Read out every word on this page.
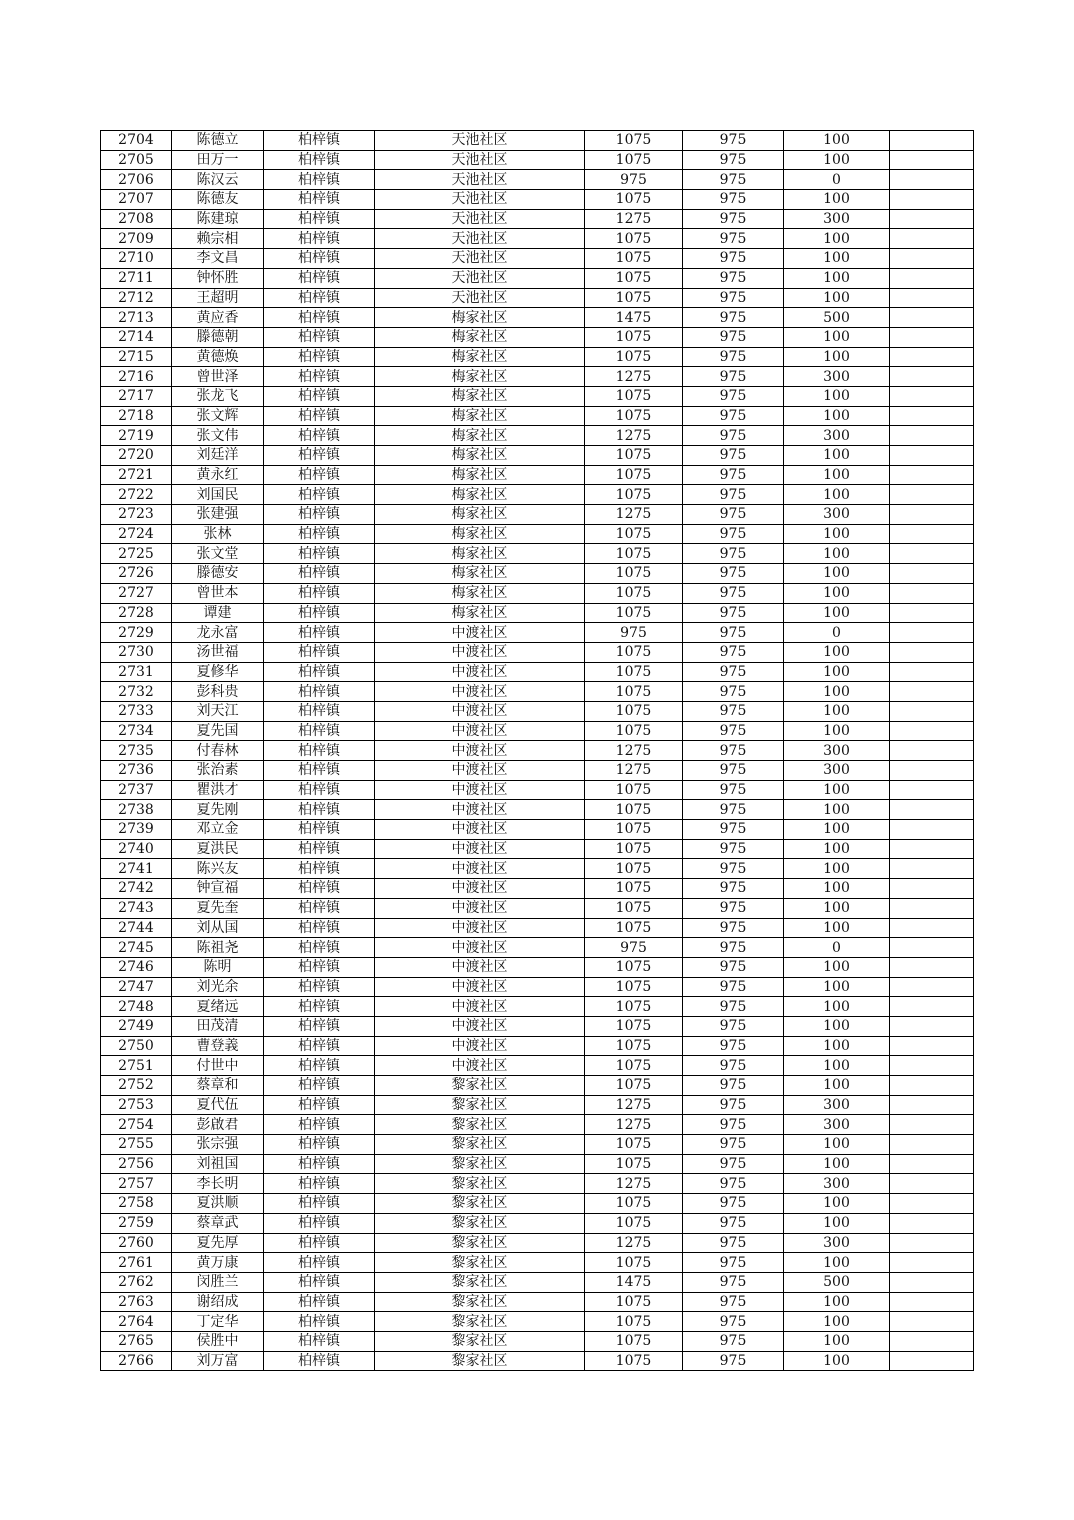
2704	陈德立	柏梓镇	天池社区	1075	975	100	
2705	田万一	柏梓镇	天池社区	1075	975	100	
2706	陈汉云	柏梓镇	天池社区	975	975	0	
2707	陈德友	柏梓镇	天池社区	1075	975	100	
2708	陈建琼	柏梓镇	天池社区	1275	975	300	
2709	赖宗相	柏梓镇	天池社区	1075	975	100	
2710	李文昌	柏梓镇	天池社区	1075	975	100	
2711	钟怀胜	柏梓镇	天池社区	1075	975	100	
2712	王超明	柏梓镇	天池社区	1075	975	100	
2713	黄应香	柏梓镇	梅家社区	1475	975	500	
2714	滕德朝	柏梓镇	梅家社区	1075	975	100	
2715	黄德焕	柏梓镇	梅家社区	1075	975	100	
2716	曾世泽	柏梓镇	梅家社区	1275	975	300	
2717	张龙飞	柏梓镇	梅家社区	1075	975	100	
2718	张文辉	柏梓镇	梅家社区	1075	975	100	
2719	张文伟	柏梓镇	梅家社区	1275	975	300	
2720	刘廷洋	柏梓镇	梅家社区	1075	975	100	
2721	黄永红	柏梓镇	梅家社区	1075	975	100	
2722	刘国民	柏梓镇	梅家社区	1075	975	100	
2723	张建强	柏梓镇	梅家社区	1275	975	300	
2724	张林	柏梓镇	梅家社区	1075	975	100	
2725	张文堂	柏梓镇	梅家社区	1075	975	100	
2726	滕德安	柏梓镇	梅家社区	1075	975	100	
2727	曾世本	柏梓镇	梅家社区	1075	975	100	
2728	谭建	柏梓镇	梅家社区	1075	975	100	
2729	龙永富	柏梓镇	中渡社区	975	975	0	
2730	汤世福	柏梓镇	中渡社区	1075	975	100	
2731	夏修华	柏梓镇	中渡社区	1075	975	100	
2732	彭科贵	柏梓镇	中渡社区	1075	975	100	
2733	刘天江	柏梓镇	中渡社区	1075	975	100	
2734	夏先国	柏梓镇	中渡社区	1075	975	100	
2735	付春林	柏梓镇	中渡社区	1275	975	300	
2736	张治素	柏梓镇	中渡社区	1275	975	300	
2737	瞿洪才	柏梓镇	中渡社区	1075	975	100	
2738	夏先刚	柏梓镇	中渡社区	1075	975	100	
2739	邓立金	柏梓镇	中渡社区	1075	975	100	
2740	夏洪民	柏梓镇	中渡社区	1075	975	100	
2741	陈兴友	柏梓镇	中渡社区	1075	975	100	
2742	钟宣福	柏梓镇	中渡社区	1075	975	100	
2743	夏先奎	柏梓镇	中渡社区	1075	975	100	
2744	刘从国	柏梓镇	中渡社区	1075	975	100	
2745	陈祖尧	柏梓镇	中渡社区	975	975	0	
2746	陈明	柏梓镇	中渡社区	1075	975	100	
2747	刘光余	柏梓镇	中渡社区	1075	975	100	
2748	夏绪远	柏梓镇	中渡社区	1075	975	100	
2749	田茂清	柏梓镇	中渡社区	1075	975	100	
2750	曹登義	柏梓镇	中渡社区	1075	975	100	
2751	付世中	柏梓镇	中渡社区	1075	975	100	
2752	蔡章和	柏梓镇	黎家社区	1075	975	100	
2753	夏代伍	柏梓镇	黎家社区	1275	975	300	
2754	彭啟君	柏梓镇	黎家社区	1275	975	300	
2755	张宗强	柏梓镇	黎家社区	1075	975	100	
2756	刘祖国	柏梓镇	黎家社区	1075	975	100	
2757	李长明	柏梓镇	黎家社区	1275	975	300	
2758	夏洪顺	柏梓镇	黎家社区	1075	975	100	
2759	蔡章武	柏梓镇	黎家社区	1075	975	100	
2760	夏先厚	柏梓镇	黎家社区	1275	975	300	
2761	黄万康	柏梓镇	黎家社区	1075	975	100	
2762	闵胜兰	柏梓镇	黎家社区	1475	975	500	
2763	谢绍成	柏梓镇	黎家社区	1075	975	100	
2764	丁定华	柏梓镇	黎家社区	1075	975	100	
2765	侯胜中	柏梓镇	黎家社区	1075	975	100	
2766	刘万富	柏梓镇	黎家社区	1075	975	100	
